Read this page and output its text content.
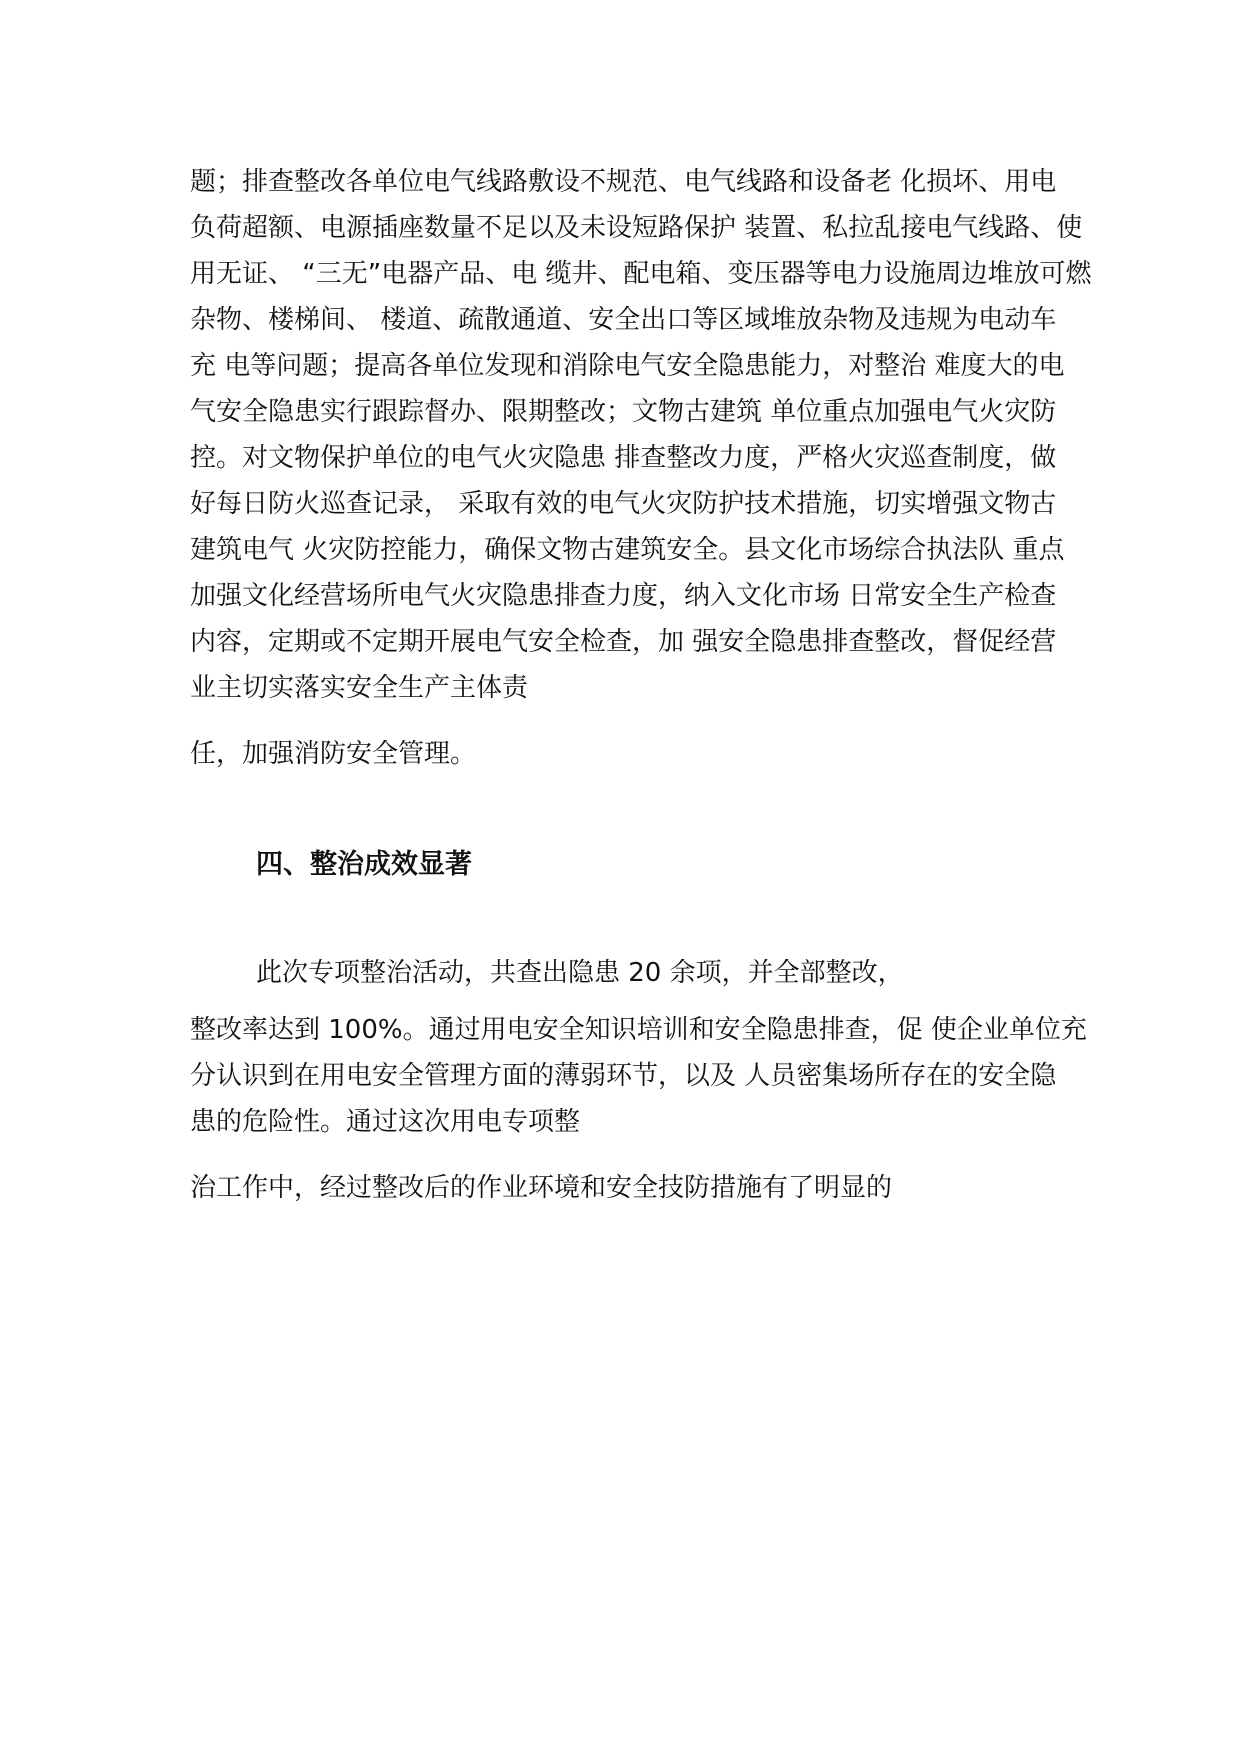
题；排查整改各单位电气线路敷设不规范、电气线路和设备老 化损坏、用电
负荷超额、电源插座数量不足以及未设短路保护 装置、私拉乱接电气线路、使
用无证、 “三无”电器产品、电 缆井、配电箱、变压器等电力设施周边堆放可燃
杂物、楼梯间、 楼道、疏散通道、安全出口等区域堆放杂物及违规为电动车
充 电等问题；提高各单位发现和消除电气安全隐患能力，对整治 难度大的电
气安全隐患实行跟踪督办、限期整改；文物古建筑 单位重点加强电气火灾防
控。对文物保护单位的电气火灾隐患 排查整改力度，严格火灾巡查制度，做
好每日防火巡查记录， 采取有效的电气火灾防护技术措施，切实增强文物古
建筑电气 火灾防控能力，确保文物古建筑安全。县文化市场综合执法队 重点
加强文化经营场所电气火灾隐患排查力度，纳入文化市场 日常安全生产检查
内容，定期或不定期开展电气安全检查，加 强安全隐患排查整改，督促经营
业主切实落实安全生产主体责
任，加强消防安全管理。
四、整治成效显著
此次专项整治活动，共查出隐患 20 余项，并全部整改，
整改率达到 100%。通过用电安全知识培训和安全隐患排查，促 使企业单位充
分认识到在用电安全管理方面的薄弱环节，以及 人员密集场所存在的安全隐
患的危险性。通过这次用电专项整
治工作中，经过整改后的作业环境和安全技防措施有了明显的
